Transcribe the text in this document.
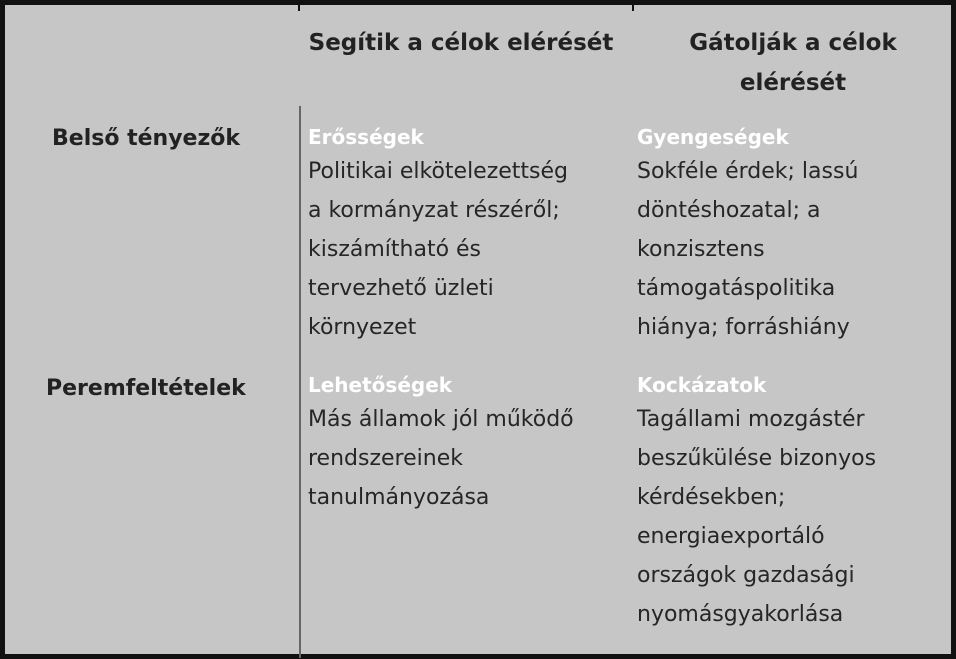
Segítik a célok elérését	Gátolják a célok
elérését
Belső tényezők
Peremfeltételek
Erősségek
Politikai elkötelezettség
a kormányzat részéről;
kiszámítható és
tervezhető üzleti
környezet
Gyengeségek
Sokféle érdek; lassú
döntéshozatal; a
konzisztens
támogatáspolitika
hiánya; forráshiány
Lehetőségek
Más államok jól működő
rendszereinek
tanulmányozása
Kockázatok
Tagállami mozgástér
beszűkülése bizonyos
kérdésekben;
energiaexportáló
országok gazdasági
nyomásgyakorlása
